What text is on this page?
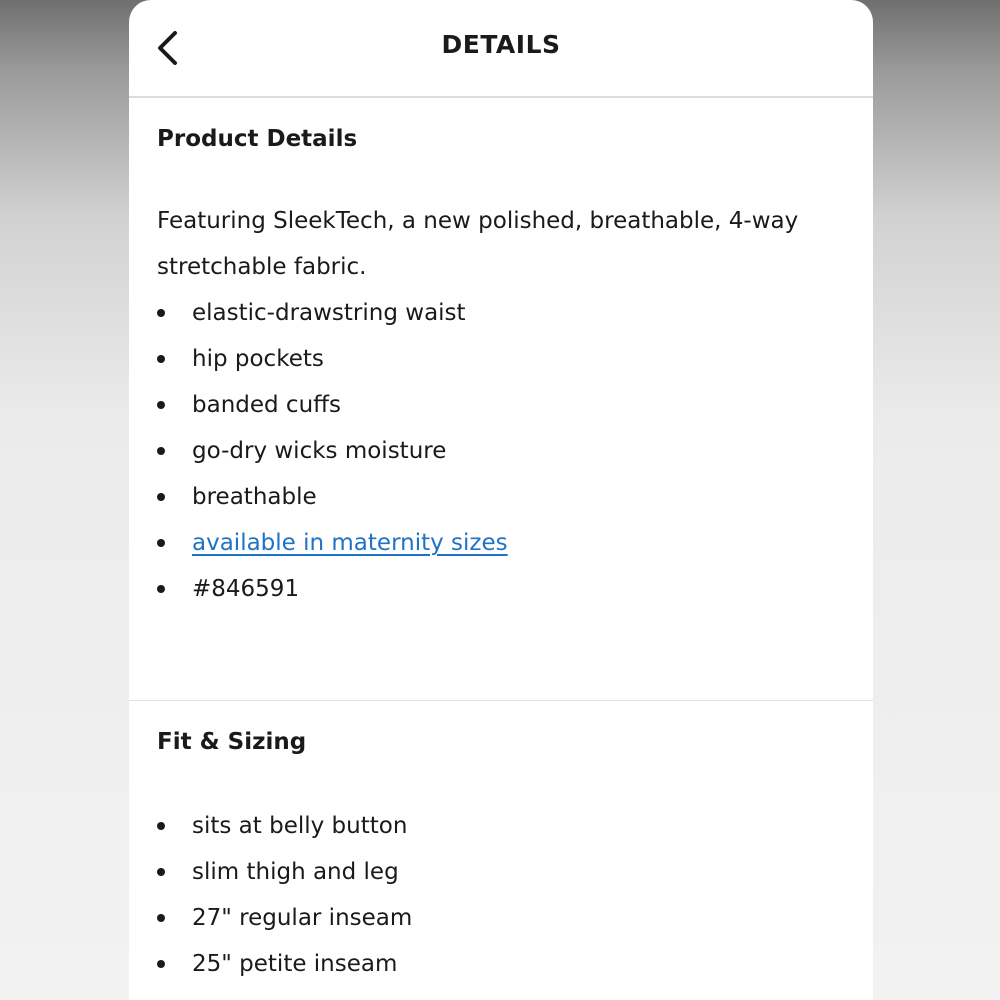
DETAILS
Product Details

Featuring SleekTech, a new polished, breathable, 4-way

stretchable fabric.

elastic-drawstring waist
hip pockets
banded cuffs
go-dry wicks moisture
breathable
available in maternity sizes
#846591
Fit & Sizing
sits at belly button
slim thigh and leg
27" regular inseam
25" petite inseam
